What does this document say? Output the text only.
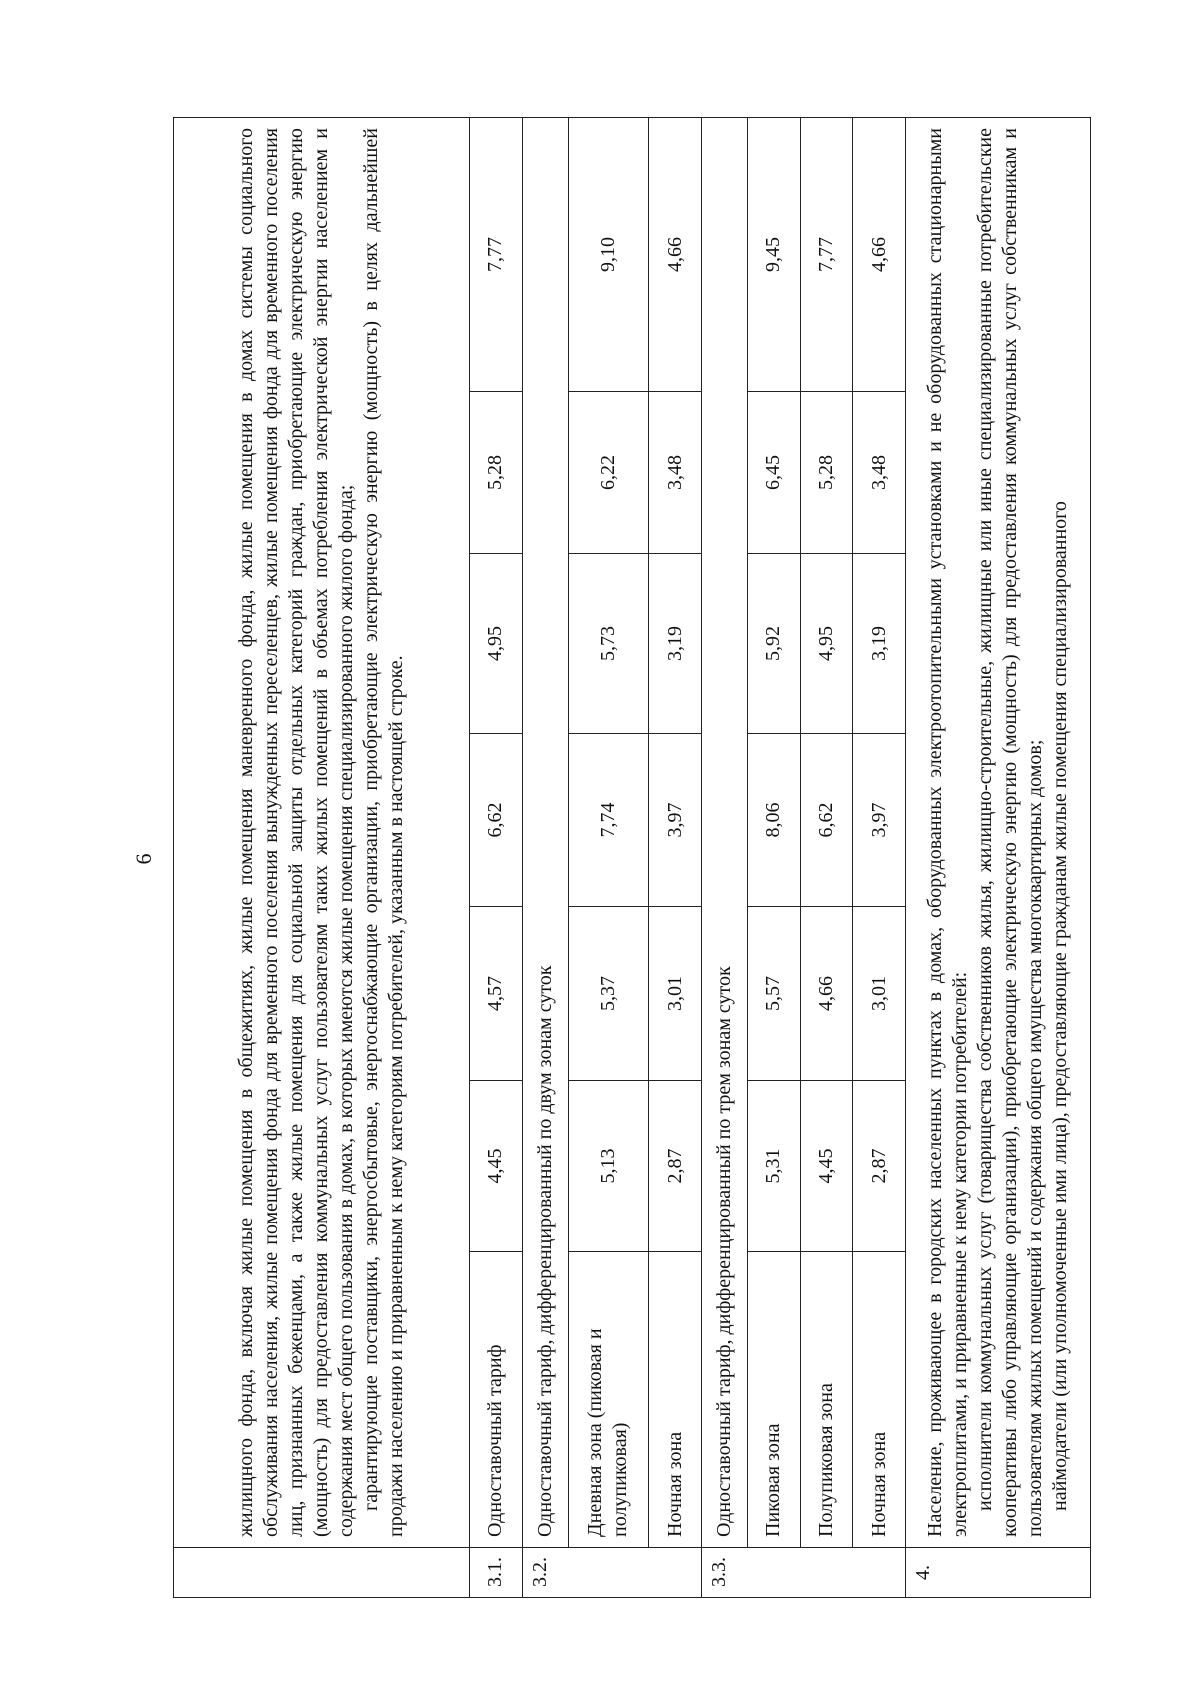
6

	жилищного фонда, включая жилые помещения в общежитиях, жилые помещения маневренного фонда, жилые помещения в домах системы социального обслуживания населения, жилые помещения фонда для временного поселения вынужденных переселенцев, жилые помещения фонда для временного поселения лиц, признанных беженцами, а также жилые помещения для социальной защиты отдельных категорий граждан, приобретающие электрическую энергию (мощность) для предоставления коммунальных услуг пользователям таких жилых помещений в объемах потребления электрической энергии населением и содержания мест общего пользования в домах, в которых имеются жилые помещения специализированного жилого фонда; гарантирующие поставщики, энергосбытовые, энергоснабжающие организации, приобретающие электрическую энергию (мощность) в целях дальнейшей продажи населению и приравненным к нему категориям потребителей, указанным в настоящей строке.						

3.1.	Одноставочный тариф	4,45	4,57	6,62	4,95	5,28	7,77
3.2.	Одноставочный тариф, дифференцированный по двум зонам суток						
	Дневная зона (пиковая и полупиковая)	5,13	5,37	7,74	5,73	6,22	9,10
	Ночная зона	2,87	3,01	3,97	3,19	3,48	4,66
3.3.	Одноставочный тариф, дифференцированный по трем зонам суток						
	Пиковая зона	5,31	5,57	8,06	5,92	6,45	9,45
	Полупиковая зона	4,45	4,66	6,62	4,95	5,28	7,77
	Ночная зона	2,87	3,01	3,97	3,19	3,48	4,66
4.	Население, проживающее в городских населенных пунктах в домах, оборудованных электроотопительными установками и не оборудованных стационарными электроплитами, и приравненные к нему категории потребителей: исполнители коммунальных услуг (товарищества собственников жилья, жилищно-строительные, жилищные или иные специализированные потребительские кооперативы либо управляющие организации), приобретающие электрическую энергию (мощность) для предоставления коммунальных услуг собственникам и пользователям жилых помещений и содержания общего имущества многоквартирных домов; наймодатели (или уполномоченные ими лица), предоставляющие гражданам жилые помещения специализированного						
